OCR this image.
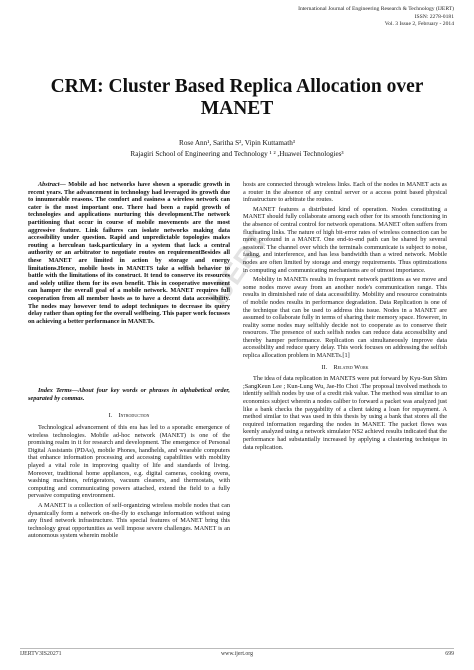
International Journal of Engineering Research & Technology (IJERT)
ISSN: 2278-0181
Vol. 3 Issue 2, February - 2014
CRM: Cluster Based Replica Allocation over MANET
Rose Ann¹, Saritha S², Vipin Kuttamath³
Rajagiri School of Engineering and Technology ¹ ² ,Huawei Technologies³
IJERT

Abstract— Mobile ad hoc networks have shown a sporadic growth in recent years. The advancement in technology had leveraged its growth due to innumerable reasons. The comfort and easiness a wireless network can cater is the most important one. There had been a rapid growth of technologies and applications nurturing this development.The network partitioning that occur in course of mobile movements are the most aggressive feature. Link failures can isolate networks making data accessibility under question. Rapid and unpredictable topologies makes routing a herculean task.particulary in a system that lack a central authority or an arbitrator to negotiate routes on requirementBesides all these MANET are limited in action by storage and energy limitations.Hence, mobile hosts in MANETS take a selfish behavior to battle with the limitations of its construct. It tend to conserve its resources and solely utilize them for its own benefit. This in cooperative movement can hamper the overall goal of a mobile network. MANET requires full cooperation from all member hosts as to have a decent data accessibility. The nodes may however tend to adopt techniques to decrease its query delay rather than opting for the overall welfbeing. This paper work focusses on achieving a better performance in MANETs.

Index Terms—About four key words or phrases in alphabetical order, separated by commas.

I. Introduction

Technological advancement of this era has led to a sporadic emergence of wireless technologies. Mobile ad-hoc network (MANET) is one of the promising realm in it for research and development. The emergence of Personal Digital Assistants (PDAs), mobile Phones, handhelds, and wearable computers that enhance information processing and accessing capabilities with mobility played a vital role in improving quality of life and standards of living. Moreover, traditional home appliances, e.g. digital cameras, cooking ovens, washing machines, refrigerators, vacuum cleaners, and thermostats, with computing and communicating powers attached, extend the field to a fully pervasive computing environment.

A MANET is a collection of self-organizing wireless mobile nodes that can dynamically form a network on-the-fly to exchange information without using any fixed network infrastructure. This special features of MANET bring this technology great opportunities as well impose severe challenges. MANET is an autonomous system wherein mobile

hosts are connected through wireless links. Each of the nodes in MANET acts as a router in the absence of any central server or a access point based physical infrastructure to arbitrate the routes.

MANET features a distributed kind of operation. Nodes constituting a MANET should fully collaborate among each other for its smooth functioning in the absence of central control for network operations. MANET often suffers from fluctuating links. The nature of high bit-error rates of wireless connection can be more profound in a MANET. One end-to-end path can be shared by several sessions. The channel over which the terminals communicate is subject to noise, fading, and interference, and has less bandwidth than a wired network. Mobile nodes are often limited by storage and energy requirements. Thus optimizations in computing and communicating mechanisms are of utmost importance.

Mobility in MANETs results in frequent network partitions as we move and some nodes move away from an another node's communication range. This results in diminished rate of data accessibility. Mobility and resource constraints of mobile nodes results in performance degradation. Data Replication is one of the technique that can be used to address this issue. Nodes in a MANET are assumed to collaborate fully in terms of sharing their memory space. However, in reality some nodes may selfishly decide not to cooperate as to conserve their resources. The presence of such selfish nodes can reduce data accessibility and thereby hamper performance. Replication can simultaneously improve data accessibility and reduce query delay. This work focuses on addressing the selfish replica allocation problem in MANETs.[1]

II. Related Work

The idea of data replication in MANETS were put forward by Kyu-Sun Shim ;SangKeun Lee ; Kun-Lung Wu, Jae-Ho Choi .The proposal involved methods to identify selfish nodes by use of a credit risk value. The method was similiar to an economics subject wherein a nodes caliber to forward a packet was analyzed just like a bank checks the paygability of a client taking a loan for repayment. A method similar to that was used in this thesis by using a bank that stores all the required information regarding the nodes in MANET. The packet flows was keenly analyzed using a network simulator NS2 achievd results indicated that the performance had substantially increased by applying a clustering technique in data replication.

IJERTV3IS20271	www.ijert.org	699
